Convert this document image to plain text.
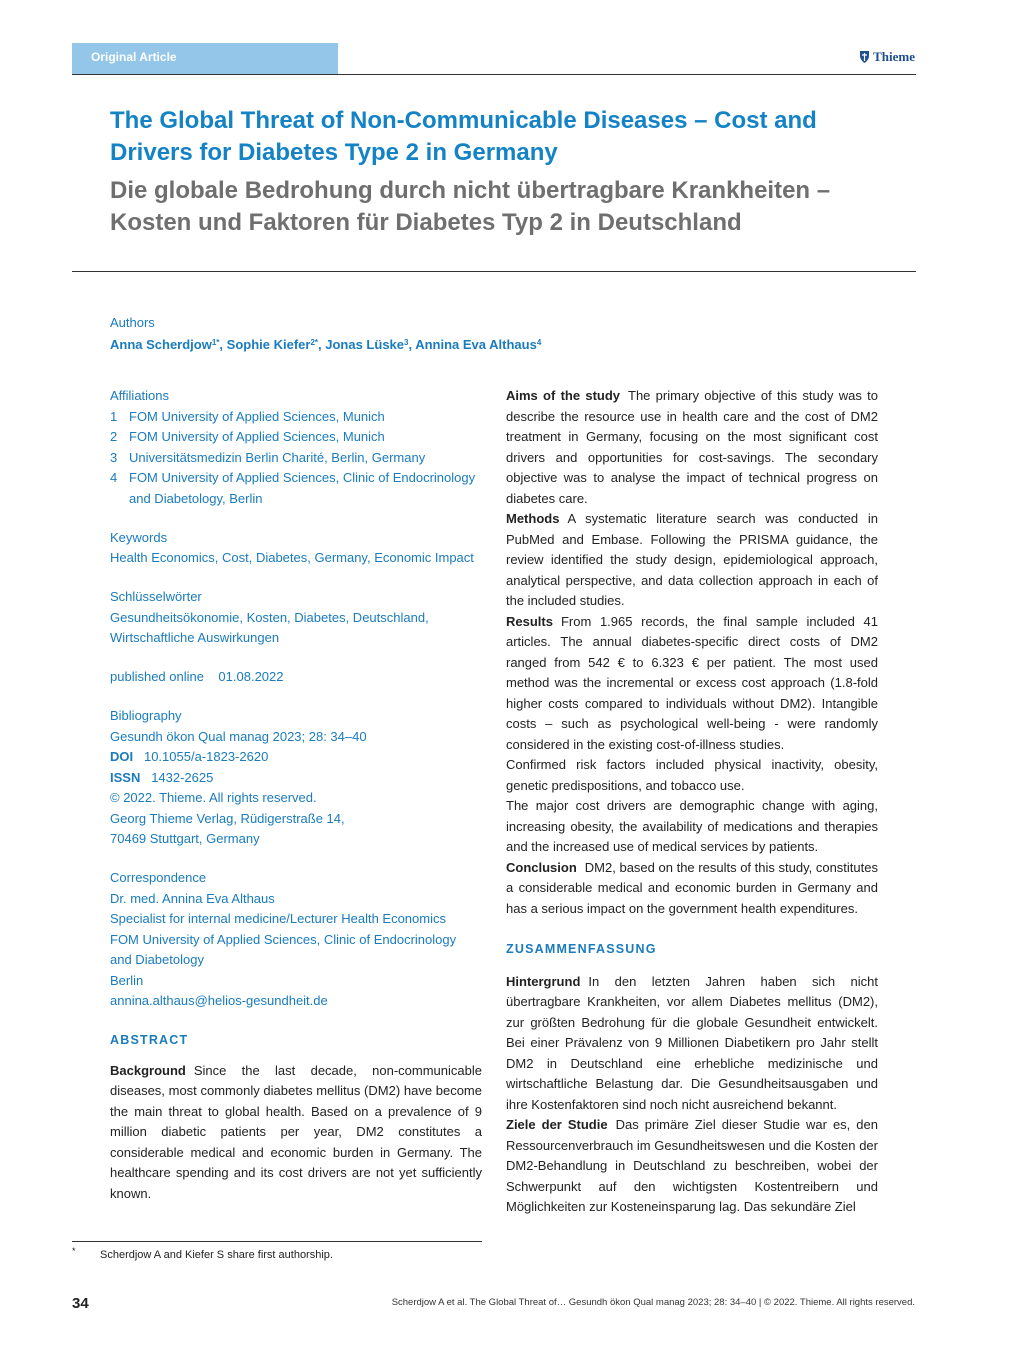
Original Article	Thieme
The Global Threat of Non-Communicable Diseases – Cost and
Drivers for Diabetes Type 2 in Germany
Die globale Bedrohung durch nicht übertragbare Krankheiten –
Kosten und Faktoren für Diabetes Typ 2 in Deutschland
Authors
Anna Scherdjow$^{1*}$, Sophie Kiefer$^{2*}$, Jonas Lüske$^3$, Annina Eva Althaus$^4$
Affiliations
1 FOM University of Applied Sciences, Munich
2 FOM University of Applied Sciences, Munich
3 Universitätsmedizin Berlin Charité, Berlin, Germany
4 FOM University of Applied Sciences, Clinic of Endocrinology and Diabetology, Berlin
Keywords
Health Economics, Cost, Diabetes, Germany, Economic Impact
Schlüsselwörter
Gesundheitsökonomie, Kosten, Diabetes, Deutschland, Wirtschaftliche Auswirkungen
published online 01.08.2022
Bibliography
Gesundh ökon Qual manag 2023; 28: 34–40
DOI 10.1055/a-1823-2620
ISSN 1432-2625
© 2022. Thieme. All rights reserved.
Georg Thieme Verlag, Rüdigerstraße 14,
70469 Stuttgart, Germany
Correspondence
Dr. med. Annina Eva Althaus
Specialist for internal medicine/Lecturer Health Economics
FOM University of Applied Sciences, Clinic of Endocrinology
and Diabetology
Berlin
annina.althaus@helios-gesundheit.de
ABSTRACT

Background Since the last decade, non-communicable diseases, most commonly diabetes mellitus (DM2) have become the main threat to global health. Based on a prevalence of 9 million diabetic patients per year, DM2 constitutes a considerable medical and economic burden in Germany. The healthcare spending and its cost drivers are not yet sufficiently known.

Aims of the study The primary objective of this study was to describe the resource use in health care and the cost of DM2 treatment in Germany, focusing on the most significant cost drivers and opportunities for cost-savings. The secondary objective was to analyse the impact of technical progress on diabetes care.

Methods A systematic literature search was conducted in PubMed and Embase. Following the PRISMA guidance, the review identified the study design, epidemiological approach, analytical perspective, and data collection approach in each of the included studies.

Results From 1.965 records, the final sample included 41 articles. The annual diabetes-specific direct costs of DM2 ranged from 542 € to 6.323 € per patient. The most used method was the incremental or excess cost approach (1.8-fold higher costs compared to individuals without DM2). Intangible costs – such as psychological well-being - were randomly considered in the existing cost-of-illness studies.

Confirmed risk factors included physical inactivity, obesity, genetic predispositions, and tobacco use.

The major cost drivers are demographic change with aging, increasing obesity, the availability of medications and therapies and the increased use of medical services by patients.

Conclusion DM2, based on the results of this study, constitutes a considerable medical and economic burden in Germany and has a serious impact on the government health expenditures.

ZUSAMMENFASSUNG

Hintergrund In den letzten Jahren haben sich nicht übertragbare Krankheiten, vor allem Diabetes mellitus (DM2), zur größten Bedrohung für die globale Gesundheit entwickelt. Bei einer Prävalenz von 9 Millionen Diabetikern pro Jahr stellt DM2 in Deutschland eine erhebliche medizinische und wirtschaftliche Belastung dar. Die Gesundheitsausgaben und ihre Kostenfaktoren sind noch nicht ausreichend bekannt.

Ziele der Studie Das primäre Ziel dieser Studie war es, den Ressourcenverbrauch im Gesundheitswesen und die Kosten der DM2-Behandlung in Deutschland zu beschreiben, wobei der Schwerpunkt auf den wichtigsten Kostentreibern und Möglichkeiten zur Kosteneinsparung lag. Das sekundäre Ziel

* Scherdjow A and Kiefer S share first authorship.
34	Scherdjow A et al. The Global Threat of… Gesundh ökon Qual manag 2023; 28: 34–40 | © 2022. Thieme. All rights reserved.
